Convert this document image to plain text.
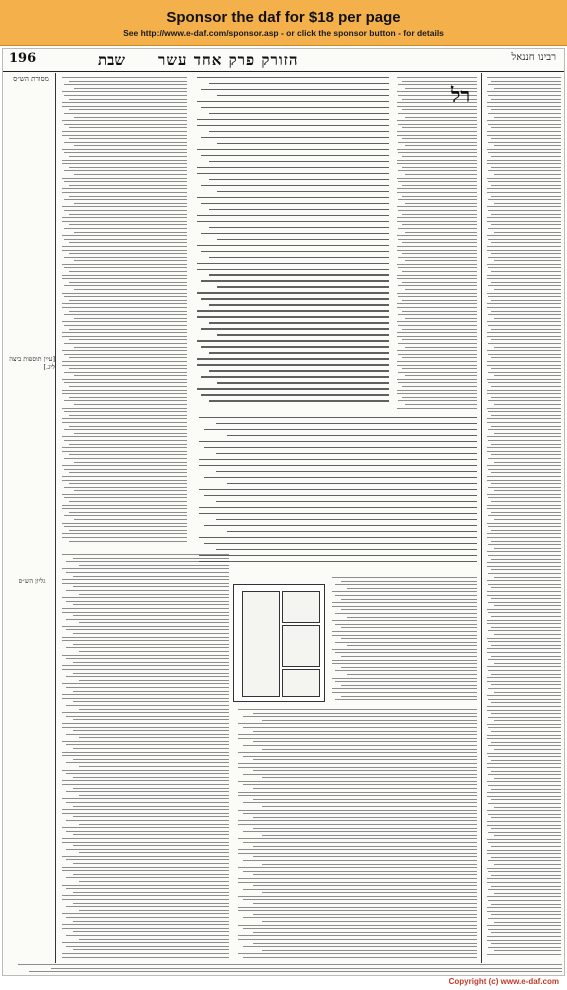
Sponsor the daf for $18 per page
See http://www.e-daf.com/sponsor.asp - or click the sponsor button - for details
196	רבינו חננאל
הזורק פרק אחד עשר
שבת
מסורת הש״ס
[עיין תוספות ביצה ליג.]
גליון הש״ס
רל
Copyright (c) www.e-daf.com
